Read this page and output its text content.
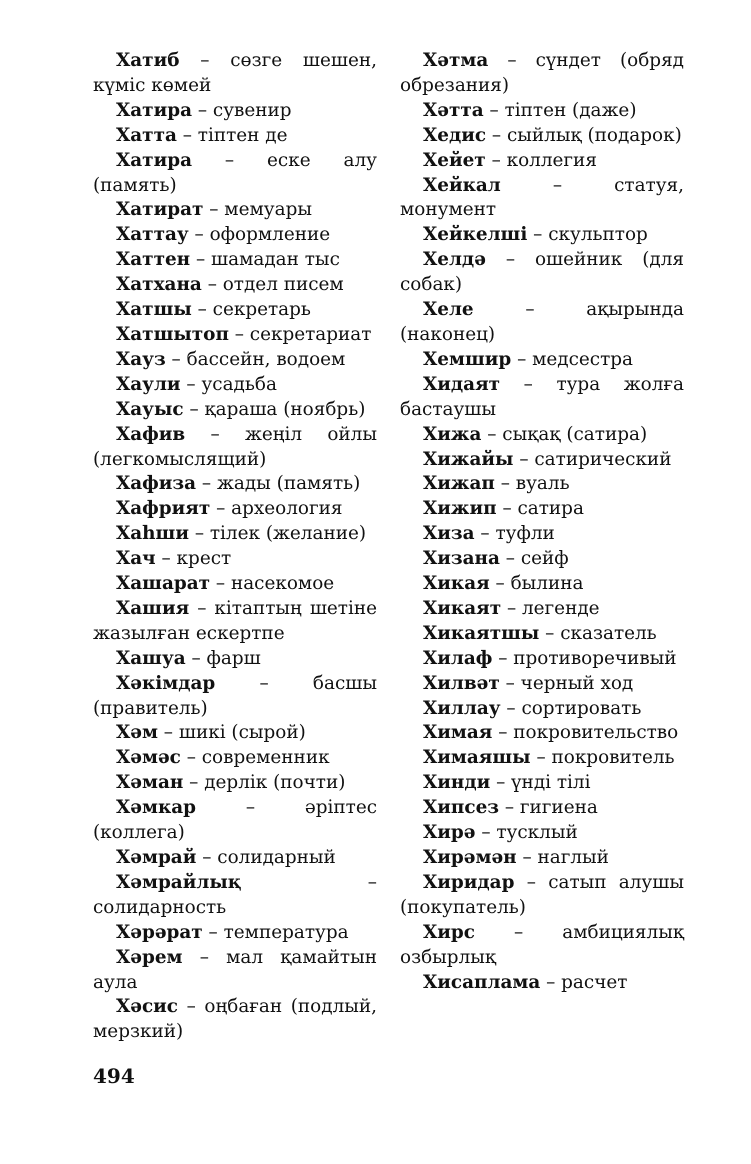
Хатиб – сөзге шешен, күміс көмей
Хатира – сувенир
Хатта – тіптен де
Хатира – еске алу (память)
Хатират – мемуары
Хаттау – оформление
Хаттен – шамадан тыс
Хатхана – отдел писем
Хатшы – секретарь
Хатшытоп – секретариат
Хауз – бассейн, водоем
Хаули – усадьба
Хауыс – қараша (ноябрь)
Хафив – жеңіл ойлы (легкомыслящий)
Хафиза – жады (память)
Хафрият – археология
Хаһши – тілек (желание)
Хач – крест
Хашарат – насекомое
Хашия – кітаптың шетіне жазылған ескертпе
Хашуа – фарш
Хәкімдар – басшы (правитель)
Хәм – шикі (сырой)
Хәмәс – современник
Хәман – дерлік (почти)
Хәмкар – әріптес (коллега)
Хәмрай – солидарный
Хәмрайлық – солидарность
Хәрәрат – температура
Хәрем – мал қамайтын аула
Хәсис – оңбаған (подлый, мерзкий)
Хәтма – сүндет (обряд обрезания)
Хәтта – тіптен (даже)
Хедис – сыйлық (подарок)
Хейет – коллегия
Хейкал – статуя, монумент
Хейкелші – скульптор
Хелдә – ошейник (для собак)
Хеле – ақырында (наконец)
Хемшир – медсестра
Хидаят – тура жолға бастаушы
Хижа – сықақ (сатира)
Хижайы – сатирический
Хижап – вуаль
Хижип – сатира
Хиза – туфли
Хизана – сейф
Хикая – былина
Хикаят – легенде
Хикаятшы – сказатель
Хилаф – противоречивый
Хилвәт – черный ход
Хиллау – сортировать
Химая – покровительство
Химаяшы – покровитель
Хинди – үнді тілі
Хипсез – гигиена
Хирә – тусклый
Хирәмән – наглый
Хиридар – сатып алушы (покупатель)
Хирс – амбициялық озбырлық
Хисаплама – расчет
494
